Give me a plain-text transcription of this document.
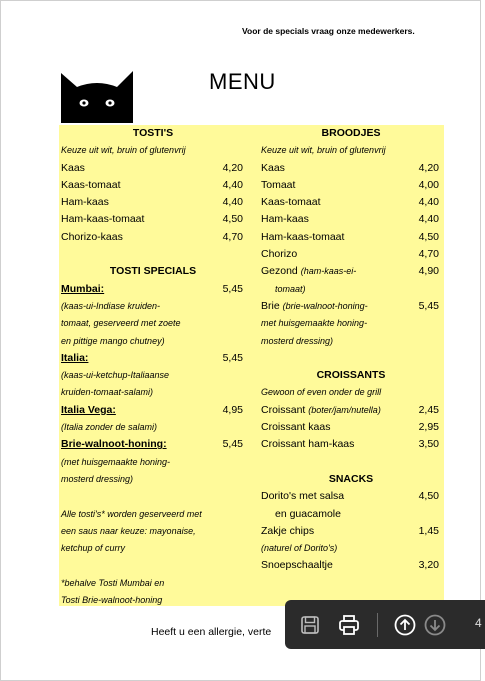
Voor de specials vraag onze medewerkers.
MENU
TOSTI'S
Keuze uit wit, bruin of glutenvrij
Kaas	4,20
Kaas-tomaat	4,40
Ham-kaas	4,40
Ham-kaas-tomaat	4,50
Chorizo-kaas	4,70
TOSTI SPECIALS
Mumbai:	5,45
(kaas-ui-Indiase kruiden-
tomaat, geserveerd met zoete
en pittige mango chutney)
Italia:	5,45
(kaas-ui-ketchup-Italiaanse
kruiden-tomaat-salami)
Italia Vega:	4,95
(Italia zonder de salami)
Brie-walnoot-honing:	5,45
(met huisgemaakte honing-
mosterd dressing)
Alle tosti's* worden geserveerd met
een saus naar keuze: mayonaise,
ketchup of curry
*behalve Tosti Mumbai en
Tosti Brie-walnoot-honing
BROODJES
Keuze uit wit, bruin of glutenvrij
Kaas	4,20
Tomaat	4,00
Kaas-tomaat	4,40
Ham-kaas	4,40
Ham-kaas-tomaat	4,50
Chorizo	4,70
Gezond (ham-kaas-ei-	4,90
tomaat)
Brie (brie-walnoot-honing-	5,45
met huisgemaakte honing-
mosterd dressing)
CROISSANTS
Gewoon of even onder de grill
Croissant (boter/jam/nutella)	2,45
Croissant kaas	2,95
Croissant ham-kaas	3,50
SNACKS
Dorito's met salsa	4,50
en guacamole
Zakje chips	1,45
(naturel of Dorito's)
Snoepschaaltje	3,20
Heeft u een allergie, verte
4
